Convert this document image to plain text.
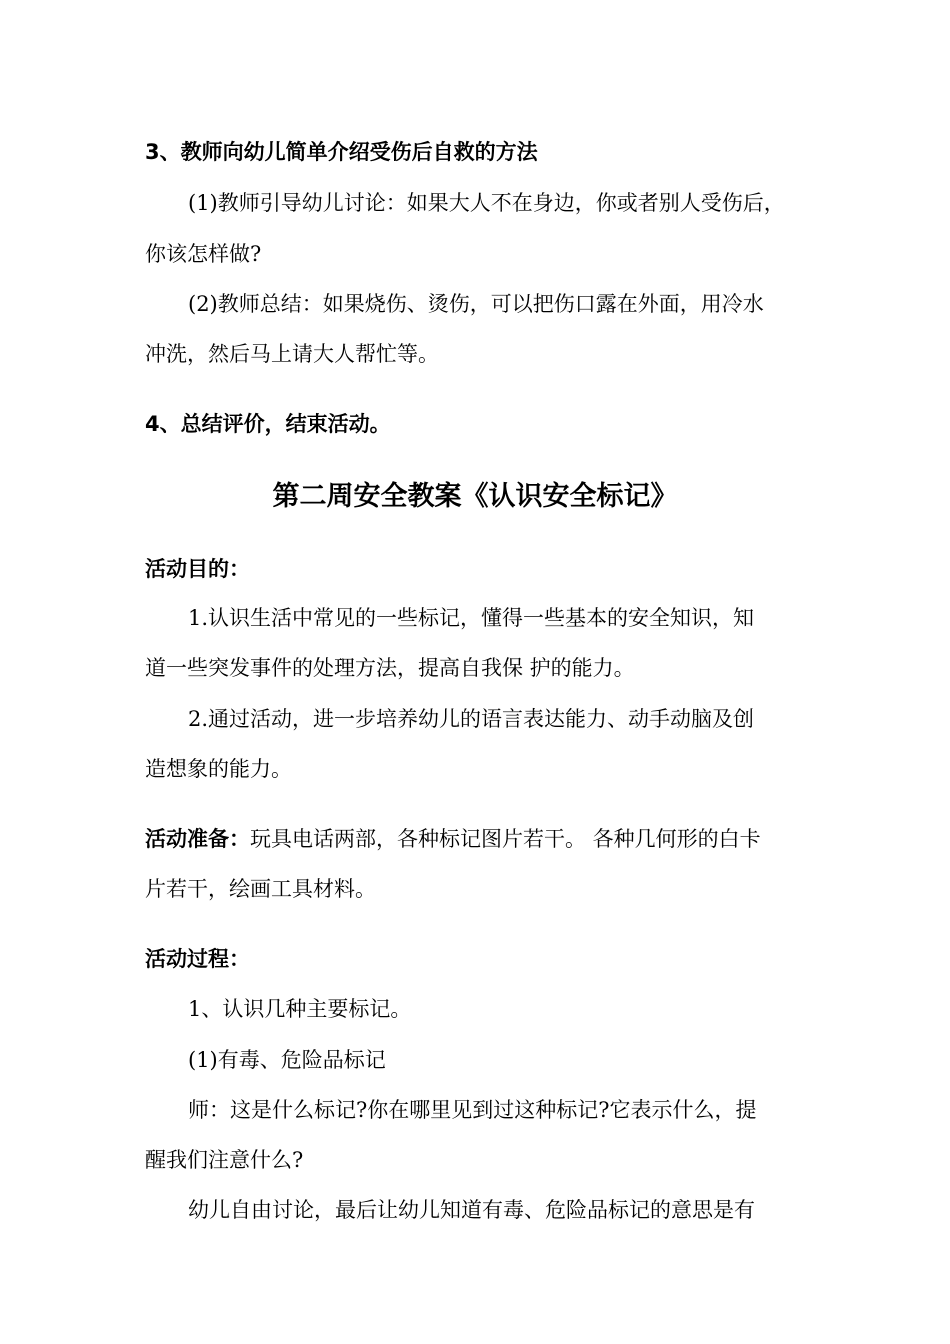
3、教师向幼儿简单介绍受伤后自救的方法

(1)教师引导幼儿讨论：如果大人不在身边，你或者别人受伤后，

你该怎样做?

(2)教师总结：如果烧伤、烫伤，可以把伤口露在外面，用冷水

冲洗，然后马上请大人帮忙等。

4、总结评价，结束活动。

第二周安全教案《认识安全标记》

活动目的：

1.认识生活中常见的一些标记，懂得一些基本的安全知识，知

道一些突发事件的处理方法，提高自我保 护的能力。

2.通过活动，进一步培养幼儿的语言表达能力、动手动脑及创

造想象的能力。

活动准备：玩具电话两部，各种标记图片若干。 各种几何形的白卡

片若干，绘画工具材料。

活动过程：

1、认识几种主要标记。

(1)有毒、危险品标记

师：这是什么标记?你在哪里见到过这种标记?它表示什么，提

醒我们注意什么?

幼儿自由讨论，最后让幼儿知道有毒、危险品标记的意思是有
